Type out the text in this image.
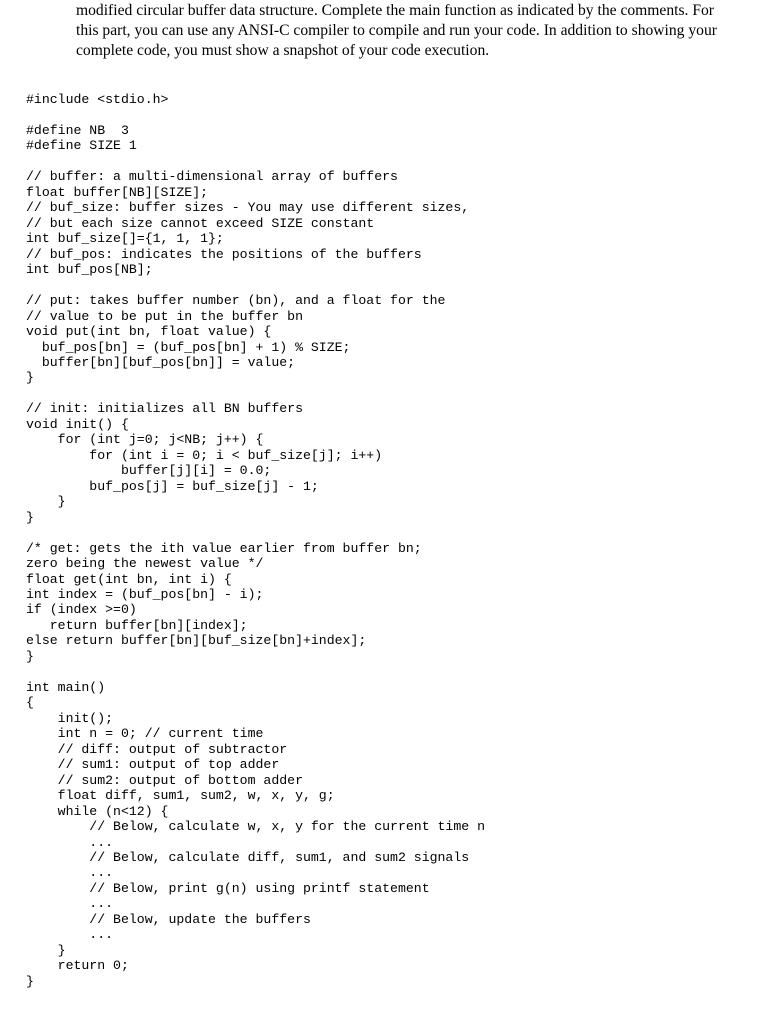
modified circular buffer data structure. Complete the main function as indicated by the comments. For
this part, you can use any ANSI-C compiler to compile and run your code. In addition to showing your
complete code, you must show a snapshot of your code execution.
#include <stdio.h>
#define NB  3
#define SIZE 1
// buffer: a multi-dimensional array of buffers
float buffer[NB][SIZE];
// buf_size: buffer sizes - You may use different sizes,
// but each size cannot exceed SIZE constant
int buf_size[]={1, 1, 1};
// buf_pos: indicates the positions of the buffers
int buf_pos[NB];
// put: takes buffer number (bn), and a float for the
// value to be put in the buffer bn
void put(int bn, float value) {
buf_pos[bn] = (buf_pos[bn] + 1) % SIZE;
buffer[bn][buf_pos[bn]] = value;
}
// init: initializes all BN buffers
void init() {
for (int j=0; j<NB; j++) {
for (int i = 0; i < buf_size[j]; i++)
buffer[j][i] = 0.0;
buf_pos[j] = buf_size[j] - 1;
}
}
/* get: gets the ith value earlier from buffer bn;
zero being the newest value */
float get(int bn, int i) {
int index = (buf_pos[bn] - i);
if (index >=0)
return buffer[bn][index];
else return buffer[bn][buf_size[bn]+index];
}
int main()
{
init();
int n = 0; // current time
// diff: output of subtractor
// sum1: output of top adder
// sum2: output of bottom adder
float diff, sum1, sum2, w, x, y, g;
while (n<12) {
// Below, calculate w, x, y for the current time n
...
// Below, calculate diff, sum1, and sum2 signals
...
// Below, print g(n) using printf statement
...
// Below, update the buffers
...
}
return 0;
}
